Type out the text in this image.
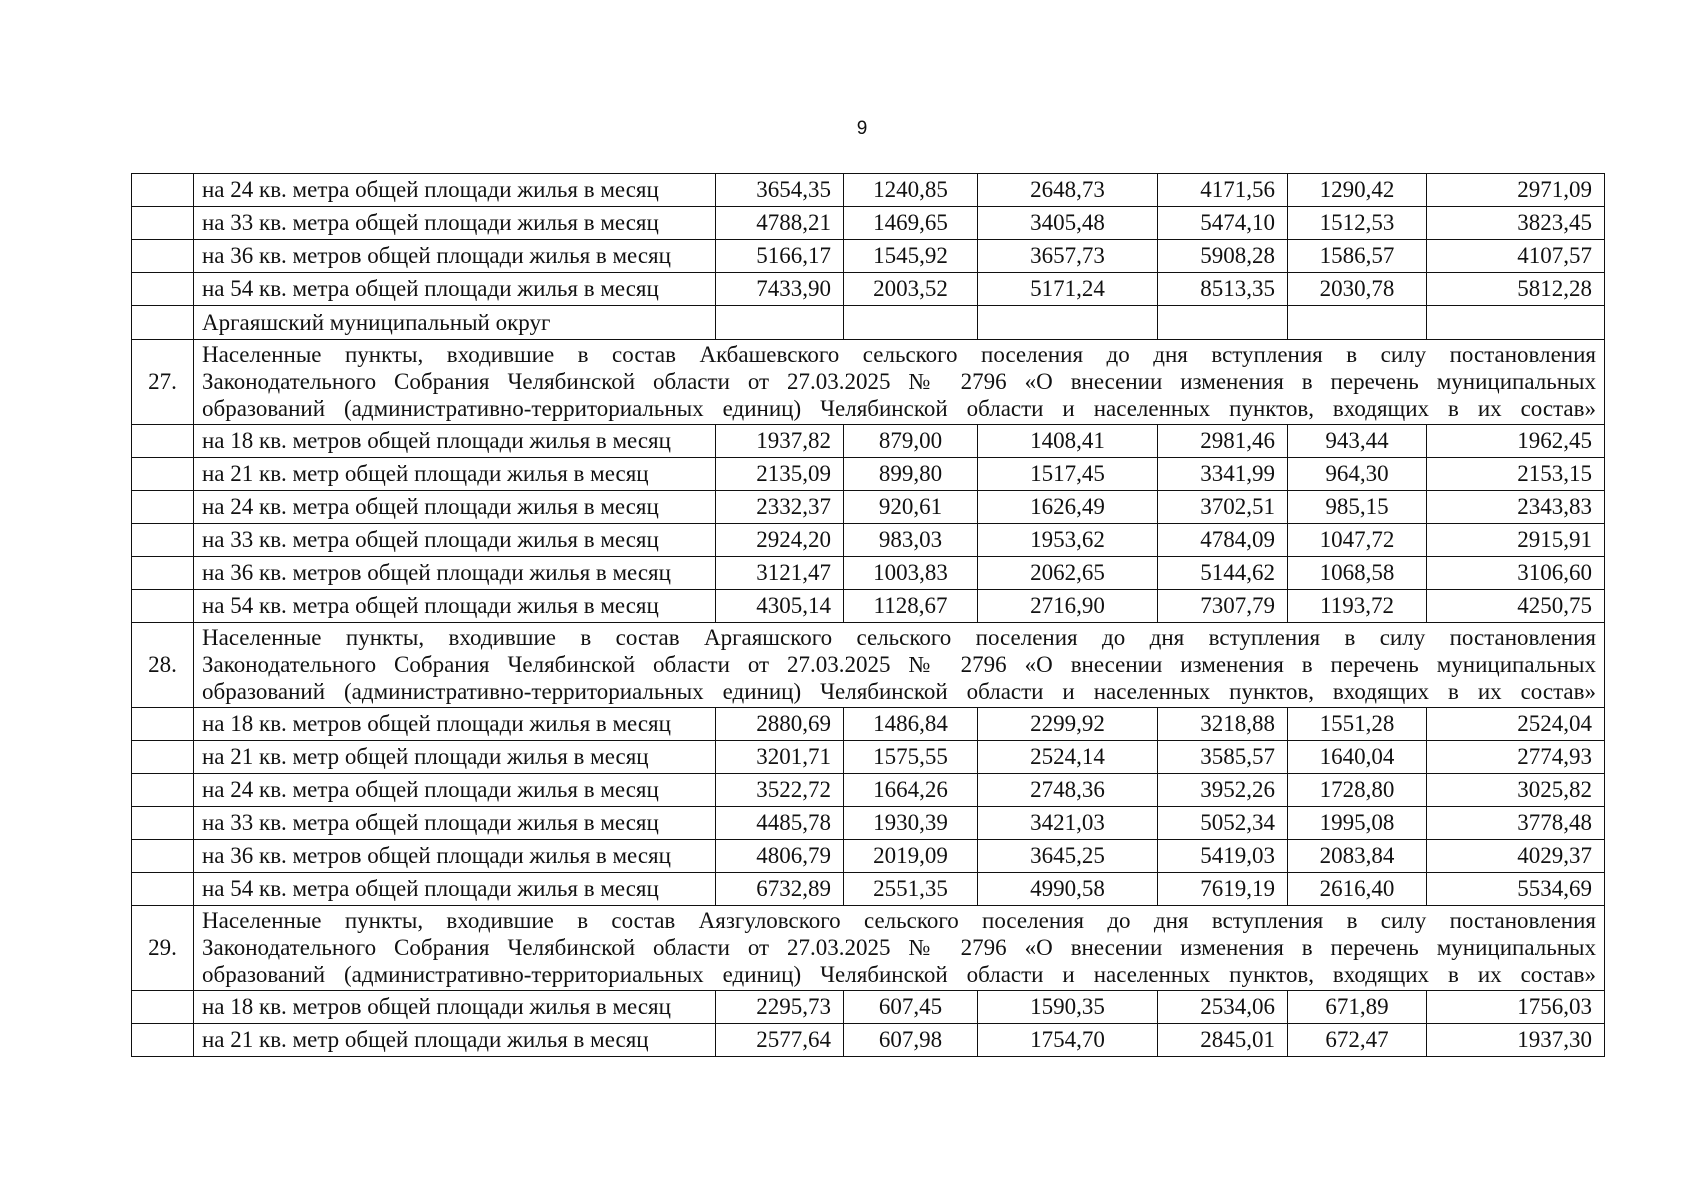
9
	на 24 кв. метра общей площади жилья в месяц	3654,35	1240,85	2648,73	4171,56	1290,42	2971,09
	на 33 кв. метра общей площади жилья в месяц	4788,21	1469,65	3405,48	5474,10	1512,53	3823,45
	на 36 кв. метров общей площади жилья в месяц	5166,17	1545,92	3657,73	5908,28	1586,57	4107,57
	на 54 кв. метра общей площади жилья в месяц	7433,90	2003,52	5171,24	8513,35	2030,78	5812,28
	Аргаяшский муниципальный округ						
27.	Населенные пункты, входившие в состав Акбашевского сельского поселения до дня вступления в силу постановления
Законодательного Собрания Челябинской области от 27.03.2025 № 2796 «О внесении изменения в перечень муниципальных
образований (административно-территориальных единиц) Челябинской области и населенных пунктов, входящих в их состав»						

	на 18 кв. метров общей площади жилья в месяц	1937,82	879,00	1408,41	2981,46	943,44	1962,45
	на 21 кв. метр общей площади жилья в месяц	2135,09	899,80	1517,45	3341,99	964,30	2153,15
	на 24 кв. метра общей площади жилья в месяц	2332,37	920,61	1626,49	3702,51	985,15	2343,83
	на 33 кв. метра общей площади жилья в месяц	2924,20	983,03	1953,62	4784,09	1047,72	2915,91
	на 36 кв. метров общей площади жилья в месяц	3121,47	1003,83	2062,65	5144,62	1068,58	3106,60
	на 54 кв. метра общей площади жилья в месяц	4305,14	1128,67	2716,90	7307,79	1193,72	4250,75
28.	Населенные пункты, входившие в состав Аргаяшского сельского поселения до дня вступления в силу постановления
Законодательного Собрания Челябинской области от 27.03.2025 № 2796 «О внесении изменения в перечень муниципальных
образований (административно-территориальных единиц) Челябинской области и населенных пунктов, входящих в их состав»						

	на 18 кв. метров общей площади жилья в месяц	2880,69	1486,84	2299,92	3218,88	1551,28	2524,04
	на 21 кв. метр общей площади жилья в месяц	3201,71	1575,55	2524,14	3585,57	1640,04	2774,93
	на 24 кв. метра общей площади жилья в месяц	3522,72	1664,26	2748,36	3952,26	1728,80	3025,82
	на 33 кв. метра общей площади жилья в месяц	4485,78	1930,39	3421,03	5052,34	1995,08	3778,48
	на 36 кв. метров общей площади жилья в месяц	4806,79	2019,09	3645,25	5419,03	2083,84	4029,37
	на 54 кв. метра общей площади жилья в месяц	6732,89	2551,35	4990,58	7619,19	2616,40	5534,69
29.	Населенные пункты, входившие в состав Аязгуловского сельского поселения до дня вступления в силу постановления
Законодательного Собрания Челябинской области от 27.03.2025 № 2796 «О внесении изменения в перечень муниципальных
образований (административно-территориальных единиц) Челябинской области и населенных пунктов, входящих в их состав»						

	на 18 кв. метров общей площади жилья в месяц	2295,73	607,45	1590,35	2534,06	671,89	1756,03
	на 21 кв. метр общей площади жилья в месяц	2577,64	607,98	1754,70	2845,01	672,47	1937,30
